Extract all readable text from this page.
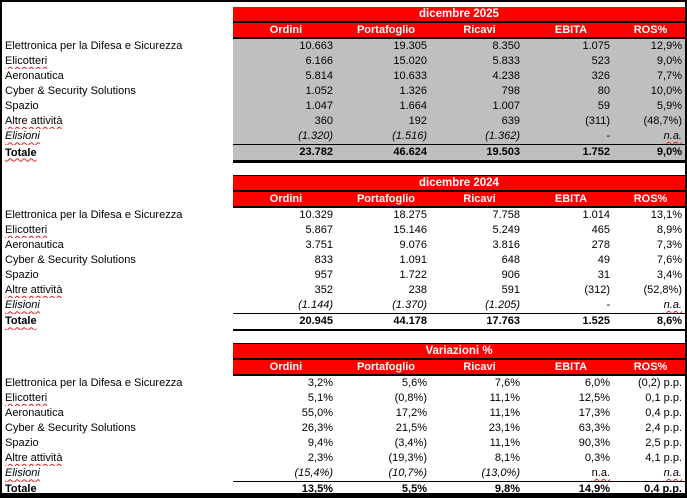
	dicembre 2025				
	Ordini	Portafoglio	Ricavi	EBITA	ROS%
Elettronica per la Difesa e Sicurezza	10.663	19.305	8.350	1.075	12,9%
Elicotteri	6.166	15.020	5.833	523	9,0%
Aeronautica	5.814	10.633	4.238	326	7,7%
Cyber & Security Solutions	1.052	1.326	798	80	10,0%
Spazio	1.047	1.664	1.007	59	5,9%
Altre attività	360	192	639	(311)	(48,7%)
Elisioni	(1.320)	(1.516)	(1.362)	-	n.a.
Totale	23.782	46.624	19.503	1.752	9,0%
	dicembre 2024				
	Ordini	Portafoglio	Ricavi	EBITA	ROS%
Elettronica per la Difesa e Sicurezza	10.329	18.275	7.758	1.014	13,1%
Elicotteri	5.867	15.146	5.249	465	8,9%
Aeronautica	3.751	9.076	3.816	278	7,3%
Cyber & Security Solutions	833	1.091	648	49	7,6%
Spazio	957	1.722	906	31	3,4%
Altre attività	352	238	591	(312)	(52,8%)
Elisioni	(1.144)	(1.370)	(1.205)	-	n.a.
Totale	20.945	44.178	17.763	1.525	8,6%
	Variazioni %				
	Ordini	Portafoglio	Ricavi	EBITA	ROS%
Elettronica per la Difesa e Sicurezza	3,2%	5,6%	7,6%	6,0%	(0,2) p.p.
Elicotteri	5,1%	(0,8%)	11,1%	12,5%	0,1 p.p.
Aeronautica	55,0%	17,2%	11,1%	17,3%	0,4 p.p.
Cyber & Security Solutions	26,3%	21,5%	23,1%	63,3%	2,4 p.p.
Spazio	9,4%	(3,4%)	11,1%	90,3%	2,5 p.p.
Altre attività	2,3%	(19,3%)	8,1%	0,3%	4,1 p.p.
Elisioni	(15,4%)	(10,7%)	(13,0%)	n.a.	n.a.
Totale	13,5%	5,5%	9,8%	14,9%	0,4 p.p.
